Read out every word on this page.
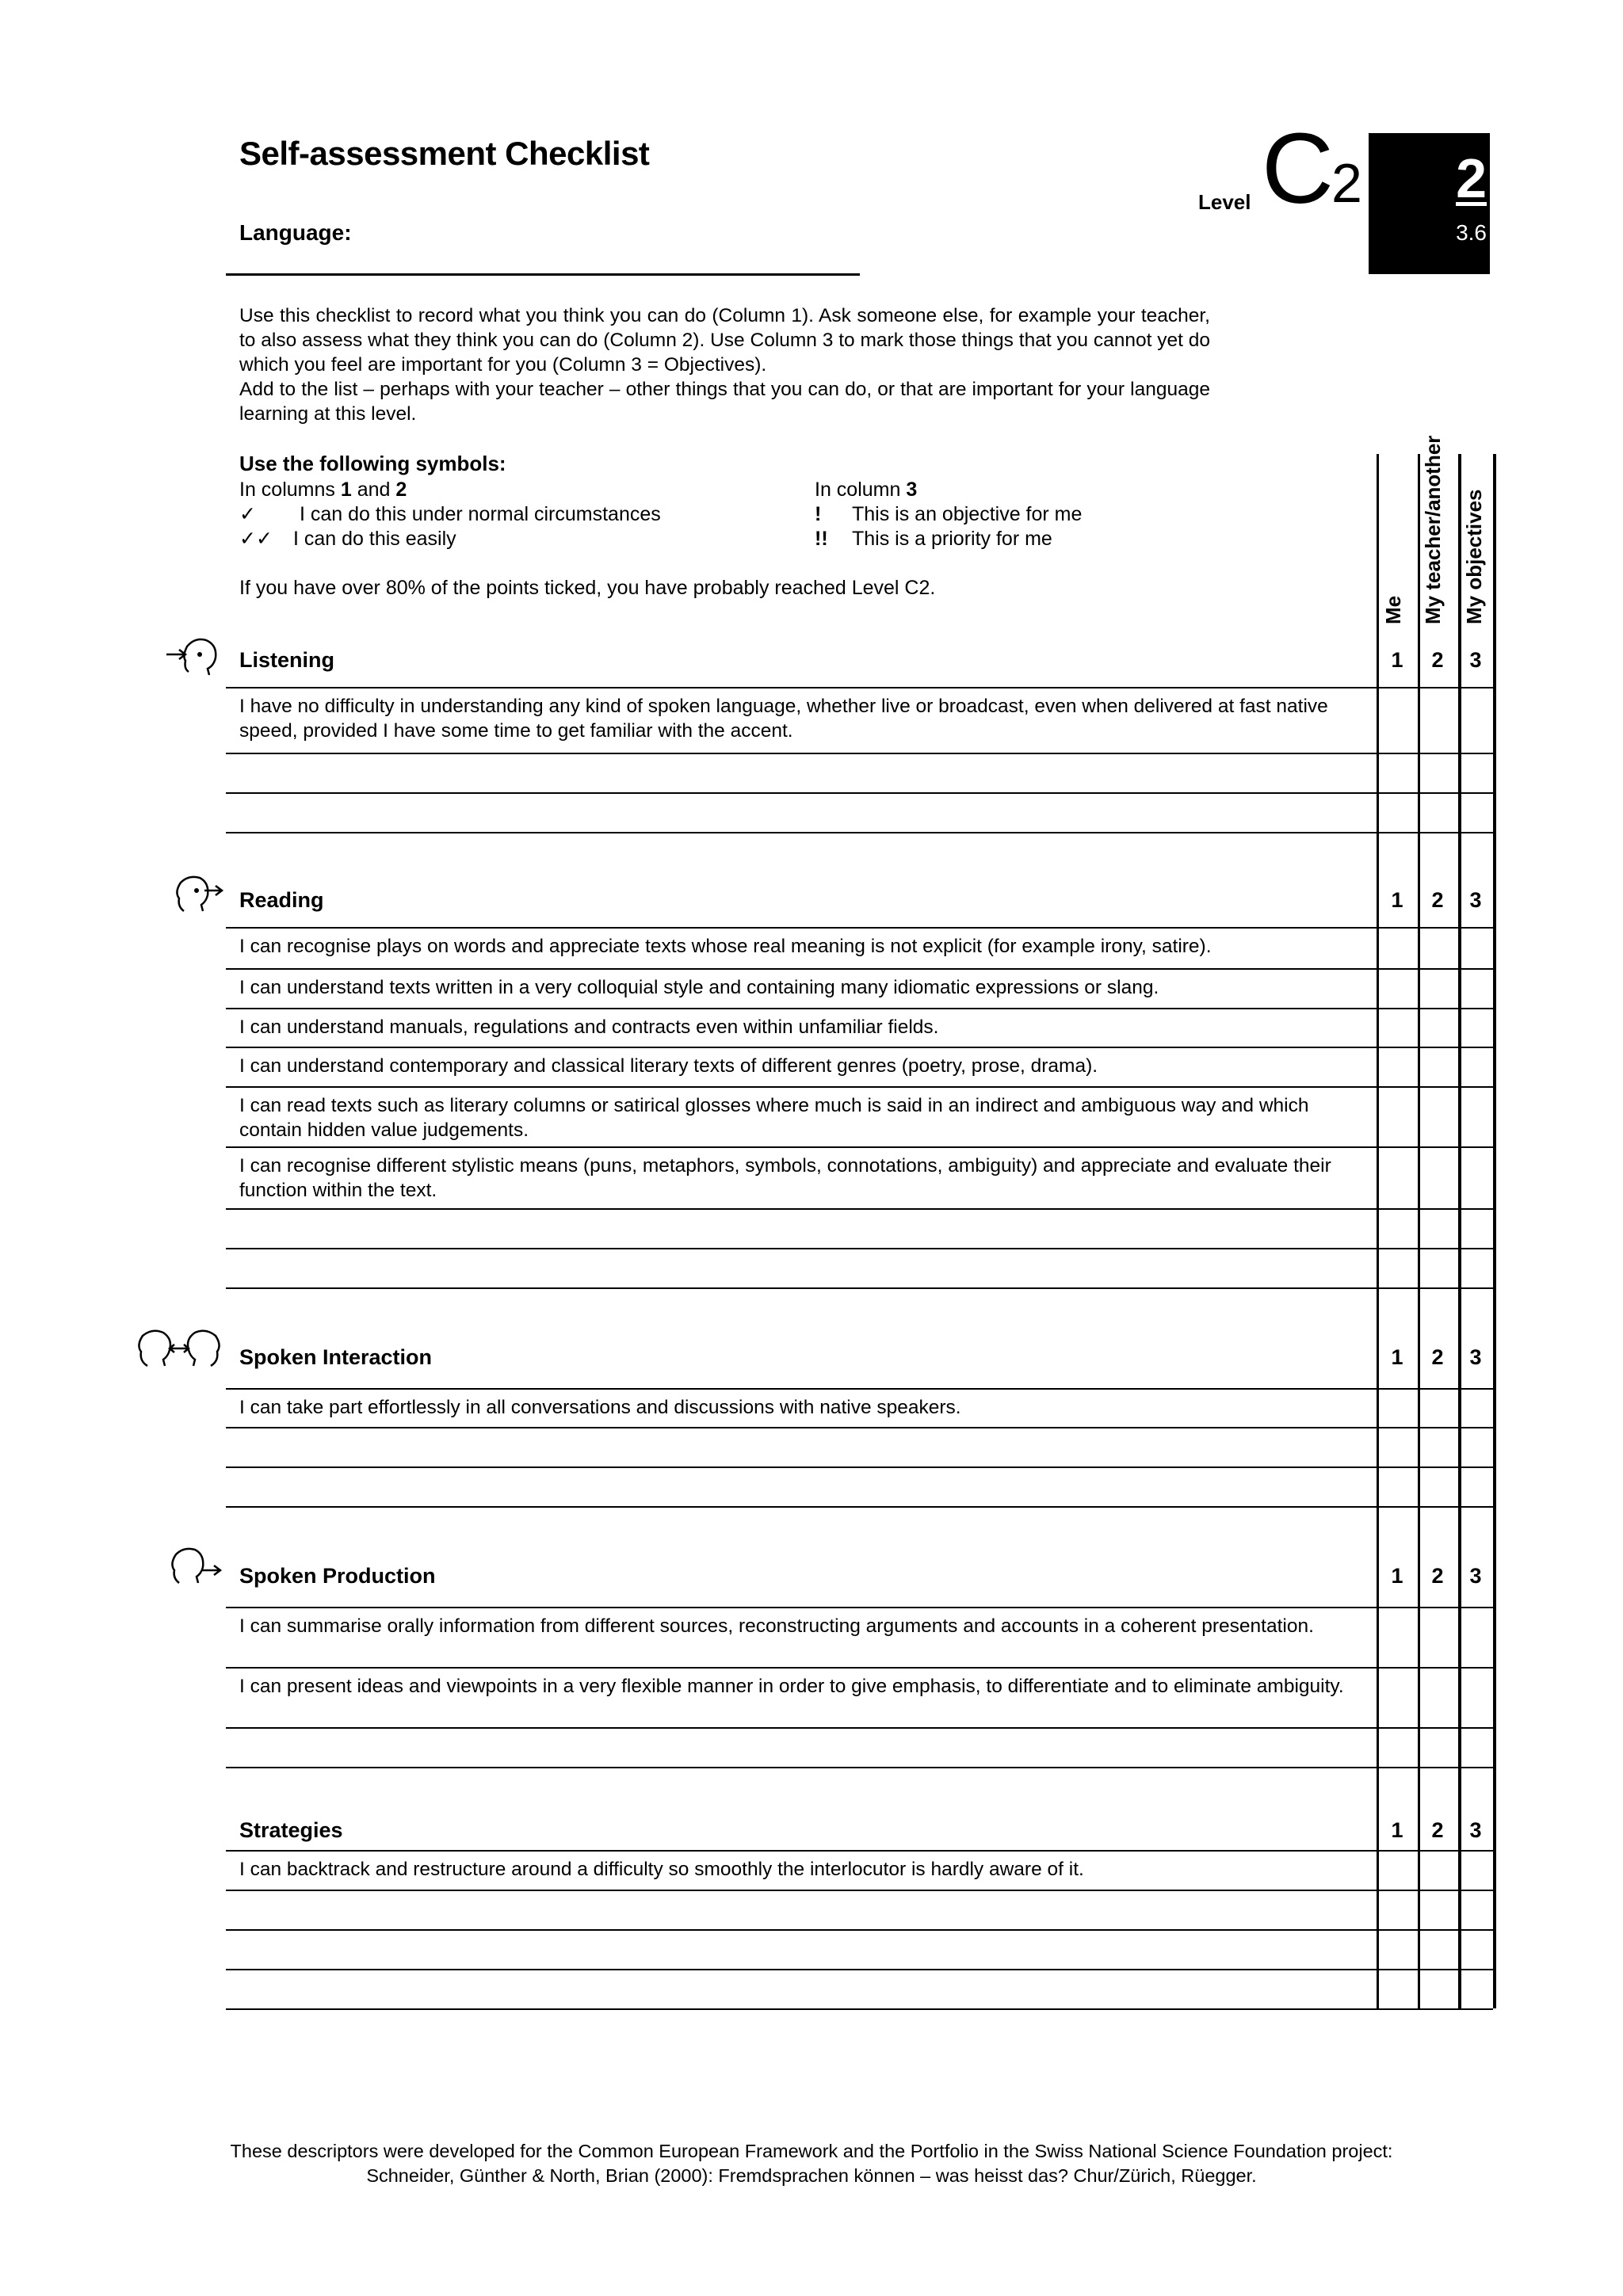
Self-assessment Checklist
Language:
Level C
2 2
3.6

Use this checklist to record what you think you can do (Column 1). Ask someone else, for example your teacher, to also assess what they think you can do (Column 2). Use Column 3 to mark those things that you cannot yet do which you feel are important for you (Column 3 = Objectives).

Add to the list – perhaps with your teacher – other things that you can do, or that are important for your language learning at this level.

Use the following symbols:
In columns 1 and 2
✓ I can do this under normal circumstances
✓✓ I can do this easily
In column 3
! This is an objective for me
!! This is a priority for me
If you have over 80% of the points ticked, you have probably reached Level C2.
Me My teacher/another My objectives
Listening	1	2	3
I have no difficulty in understanding any kind of spoken language, whether live or broadcast, even when delivered at fast native speed, provided I have some time to get familiar with the accent.
Reading	1	2	3
I can recognise plays on words and appreciate texts whose real meaning is not explicit (for example irony, satire).
I can understand texts written in a very colloquial style and containing many idiomatic expressions or slang.
I can understand manuals, regulations and contracts even within unfamiliar fields.
I can understand contemporary and classical literary texts of different genres (poetry, prose, drama).
I can read texts such as literary columns or satirical glosses where much is said in an indirect and ambiguous way and which contain hidden value judgements.
I can recognise different stylistic means (puns, metaphors, symbols, connotations, ambiguity) and appreciate and evaluate their function within the text.
Spoken Interaction	1	2	3
I can take part effortlessly in all conversations and discussions with native speakers.
Spoken Production	1	2	3
I can summarise orally information from different sources, reconstructing arguments and accounts in a coherent presentation.
I can present ideas and viewpoints in a very flexible manner in order to give emphasis, to differentiate and to eliminate ambiguity.
Strategies	1	2	3
I can backtrack and restructure around a difficulty so smoothly the interlocutor is hardly aware of it.
These descriptors were developed for the Common European Framework and the Portfolio in the Swiss National Science Foundation project:
Schneider, Günther & North, Brian (2000): Fremdsprachen können – was heisst das? Chur/Zürich, Rüegger.
